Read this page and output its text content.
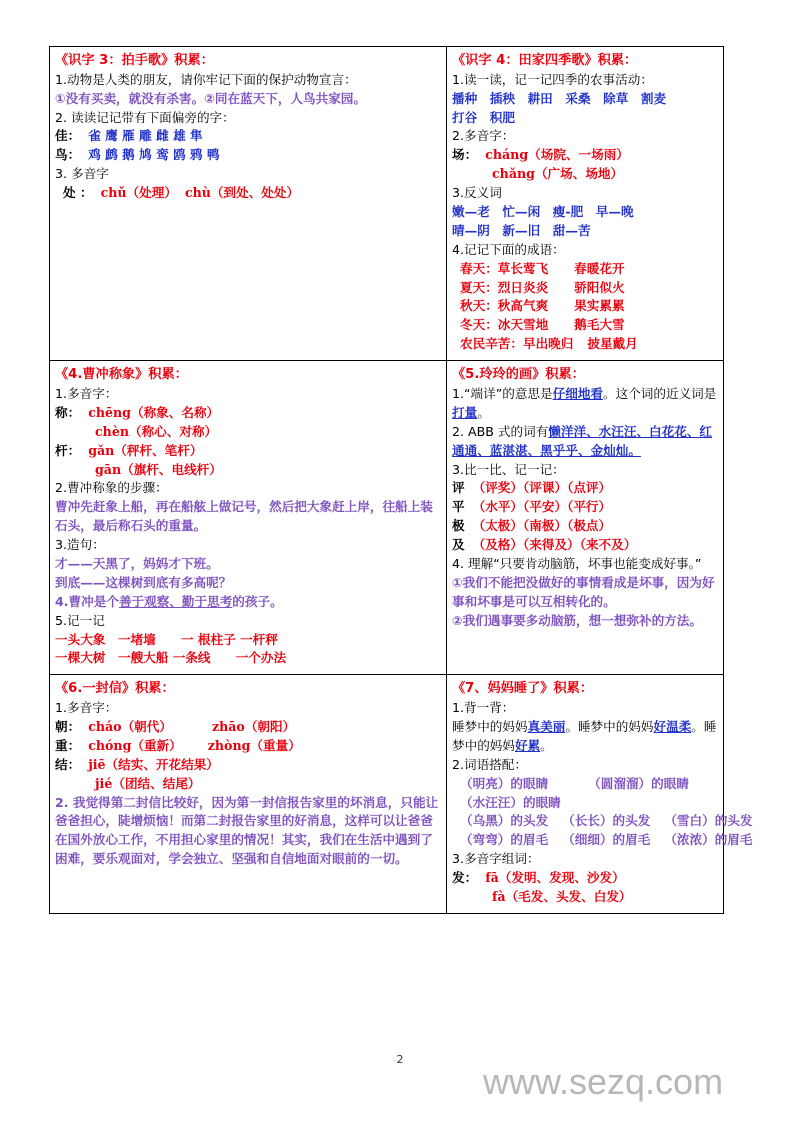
《识字 3：拍手歌》积累：
1.动物是人类的朋友，请你牢记下面的保护动物宣言：
①没有买卖，就没有杀害。②同在蓝天下，人鸟共家园。
2. 读读记记带有下面偏旁的字：
佳： 雀 鹰 雁 雕 雌 雄 隼
鸟： 鸡 鹧 鹅 鸠 鸾 鸥 鸦 鸭
3. 多音字
处 ： chǔ（处理） chù（到处、处处）

《识字 4：田家四季歌》积累：
1.读一读，记一记四季的农事活动：
播种　插秧　耕田　采桑　除草　割麦
打谷　积肥
2.多音字：
场： cháng（场院、一场雨）
chǎng（广场、场地）
3.反义词
嫩—老　忙—闲　瘦-肥　早—晚
晴—阴　新—旧　甜—苦
4.记记下面的成语：
春天：草长莺飞 春暖花开
夏天：烈日炎炎 骄阳似火
秋天：秋高气爽 果实累累
冬天：冰天雪地 鹅毛大雪
农民辛苦：早出晚归 披星戴月

《4.曹冲称象》积累：
1.多音字：
称： chēng（称象、名称）
chèn（称心、对称）
杆： gǎn（秤杆、笔杆）
gān（旗杆、电线杆）
2.曹冲称象的步骤：
曹冲先赶象上船，再在船舷上做记号，然后把大象赶上岸，往船上装石头，最后称石头的重量。
3.造句：
才——天黑了，妈妈才下班。
到底——这棵树到底有多高呢？
4.曹冲是个善于观察、勤于思考的孩子。
5.记一记
一头大象　一堵墙　　一 根柱子 一杆秤
一棵大树　一艘大船 一条线　　一个办法

《5.玲玲的画》积累：
1.“端详”的意思是仔细地看。这个词的近义词是打量。
2. ABB 式的词有懒洋洋、水汪汪、白花花、红通通、蓝湛湛、黑乎乎、金灿灿。
3.比一比、记一记：
评 （评奖）（评课）（点评）
平 （水平）（平安）（平行）
极 （太极）（南极）（极点）
及 （及格）（来得及）（来不及）
4. 理解“只要肯动脑筋，坏事也能变成好事。”
①我们不能把没做好的事情看成是坏事，因为好事和坏事是可以互相转化的。
②我们遇事要多动脑筋，想一想弥补的方法。

《6.一封信》积累：
1.多音字：
朝： cháo（朝代）	zhāo（朝阳）
重： chóng（重新） zhòng（重量）
结： jiē（结实、开花结果）
jié（团结、结尾）
2. 我觉得第二封信比较好，因为第一封信报告家里的坏消息，只能让爸爸担心，陡增烦恼！而第二封报告家里的好消息，这样可以让爸爸在国外放心工作，不用担心家里的情况！其实，我们在生活中遇到了困难，要乐观面对，学会独立、坚强和自信地面对眼前的一切。

《7、妈妈睡了》积累：
1.背一背：
睡梦中的妈妈真美丽。睡梦中的妈妈好温柔。睡梦中的妈妈好累。
2.词语搭配：
（明亮）的眼睛	（圆溜溜）的眼睛
（水汪汪）的眼睛
（乌黑）的头发 （长长）的头发 （雪白）的头发
（弯弯）的眉毛 （细细）的眉毛 （浓浓）的眉毛
3.多音字组词：
发： fā（发明、发现、沙发）
fà（毛发、头发、白发）
2
www.sezq.com
